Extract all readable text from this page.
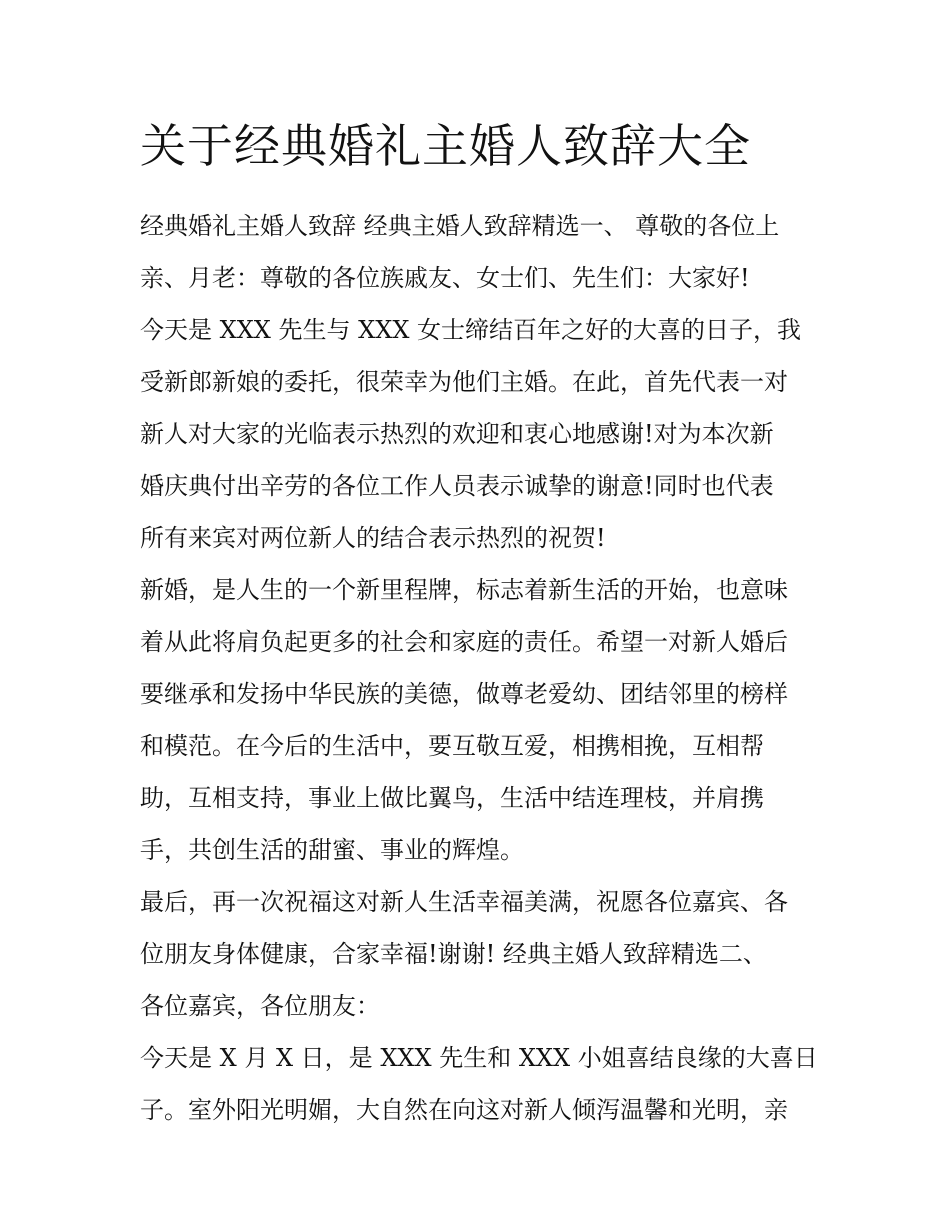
关于经典婚礼主婚人致辞大全
经典婚礼主婚人致辞 经典主婚人致辞精选一、 尊敬的各位上
亲、月老：尊敬的各位族戚友、女士们、先生们：大家好!
今天是 XXX 先生与 XXX 女士缔结百年之好的大喜的日子，我
受新郎新娘的委托，很荣幸为他们主婚。在此，首先代表一对
新人对大家的光临表示热烈的欢迎和衷心地感谢!对为本次新
婚庆典付出辛劳的各位工作人员表示诚挚的谢意!同时也代表
所有来宾对两位新人的结合表示热烈的祝贺!
新婚，是人生的一个新里程牌，标志着新生活的开始，也意味
着从此将肩负起更多的社会和家庭的责任。希望一对新人婚后
要继承和发扬中华民族的美德，做尊老爱幼、团结邻里的榜样
和模范。在今后的生活中，要互敬互爱，相携相挽，互相帮
助，互相支持，事业上做比翼鸟，生活中结连理枝，并肩携
手，共创生活的甜蜜、事业的辉煌。
最后，再一次祝福这对新人生活幸福美满，祝愿各位嘉宾、各
位朋友身体健康，合家幸福!谢谢! 经典主婚人致辞精选二、
各位嘉宾，各位朋友：
今天是 X 月 X 日，是 XXX 先生和 XXX 小姐喜结良缘的大喜日
子。室外阳光明媚，大自然在向这对新人倾泻温馨和光明，亲
